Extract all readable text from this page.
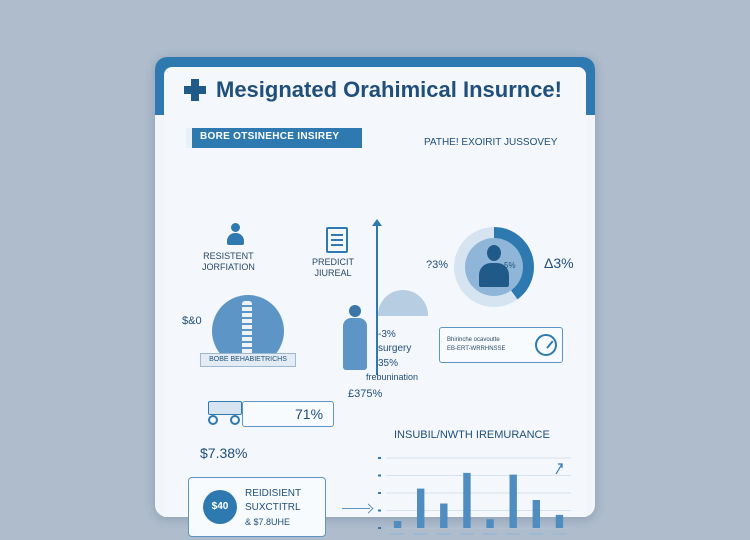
Mesignated Orahimical Insurnce!
BORE OTSINEHCE INSIREY
PATHE! EXOIRIT JUSSOVEY
RESISTENT
JORFIATION	PREDICIT
JIUREAL
$&0
BOBE BEHABIETRICHS
-3%
surgery
35%
frebunination
£375%
?3%	5% Δ3%
Bhirinche ocavoutte
EB-ERT-WRRHNSSE
71%
$7.38%
$40
REIDISIENT
SUXCTITRL
& $7.8UHE
INSUBIL/NWTH IREMURANCE
